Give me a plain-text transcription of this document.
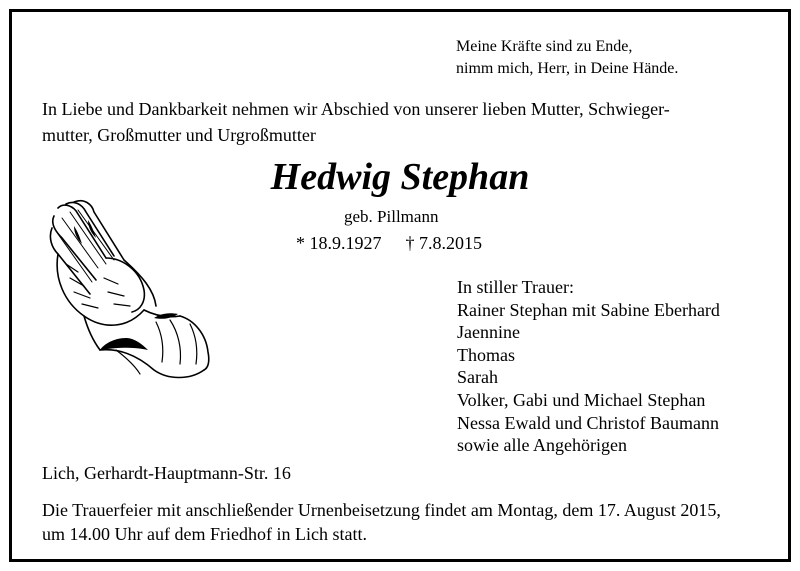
Meine Kräfte sind zu Ende,
nimm mich, Herr, in Deine Hände.
In Liebe und Dankbarkeit nehmen wir Abschied von unserer lieben Mutter, Schwieger-
mutter, Großmutter und Urgroßmutter
Hedwig Stephan
geb. Pillmann
* 18.9.1927 † 7.8.2015
In stiller Trauer:
Rainer Stephan mit Sabine Eberhard
Jaennine
Thomas
Sarah
Volker, Gabi und Michael Stephan
Nessa Ewald und Christof Baumann
sowie alle Angehörigen
Lich, Gerhardt-Hauptmann-Str. 16
Die Trauerfeier mit anschließender Urnenbeisetzung findet am Montag, dem 17. August 2015,
um 14.00 Uhr auf dem Friedhof in Lich statt.
